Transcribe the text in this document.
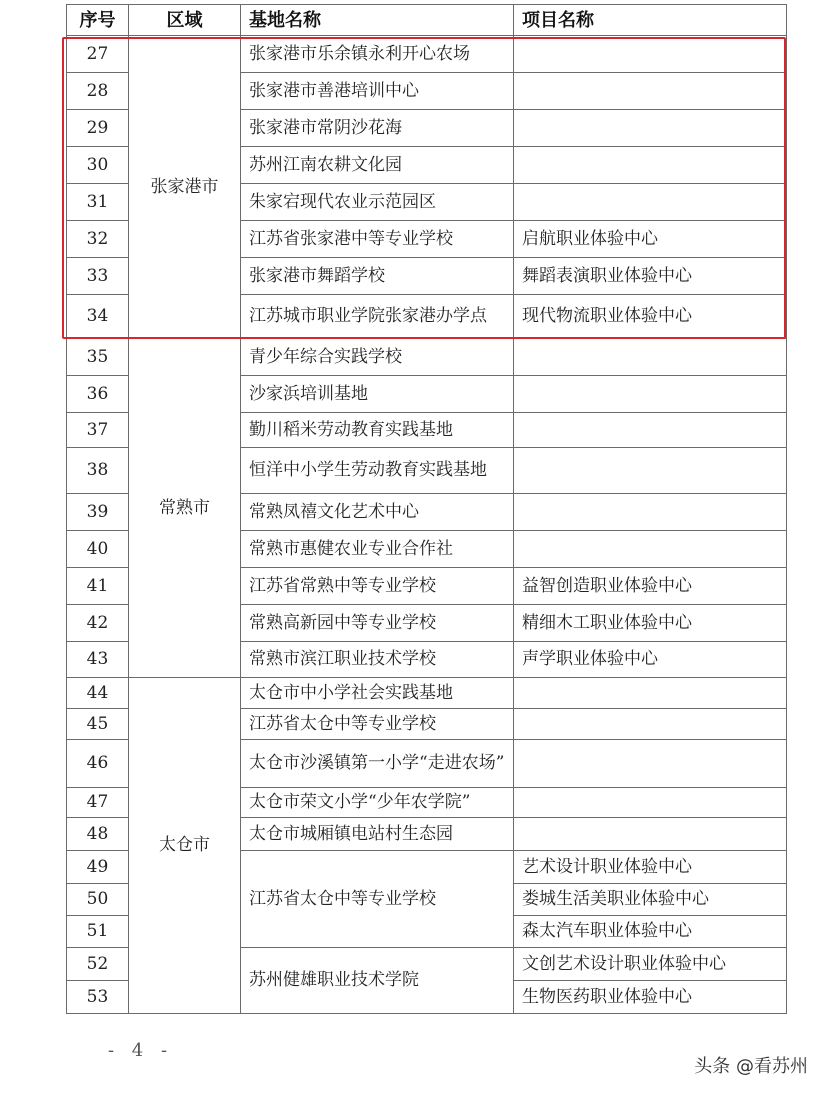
序号	区域	基地名称	项目名称
27	张家港市	张家港市乐余镇永利开心农场	
28		张家港市善港培训中心	
29		张家港市常阴沙花海	
30		苏州江南农耕文化园	
31		朱家宕现代农业示范园区	
32		江苏省张家港中等专业学校	启航职业体验中心
33		张家港市舞蹈学校	舞蹈表演职业体验中心
34		江苏城市职业学院张家港办学点	现代物流职业体验中心
35	常熟市	青少年综合实践学校	
36		沙家浜培训基地	
37		勤川稻米劳动教育实践基地	
38		恒洋中小学生劳动教育实践基地	
39		常熟凤禧文化艺术中心	
40		常熟市惠健农业专业合作社	
41		江苏省常熟中等专业学校	益智创造职业体验中心
42		常熟高新园中等专业学校	精细木工职业体验中心
43		常熟市滨江职业技术学校	声学职业体验中心
44	太仓市	太仓市中小学社会实践基地	
45		江苏省太仓中等专业学校	
46		太仓市沙溪镇第一小学“走进农场”	
47		太仓市荣文小学“少年农学院”	
48		太仓市城厢镇电站村生态园	
49		江苏省太仓中等专业学校	艺术设计职业体验中心
50			娄城生活美职业体验中心
51			森太汽车职业体验中心
52		苏州健雄职业技术学院	文创艺术设计职业体验中心
53			生物医药职业体验中心
- 4 -
头条 @看苏州
